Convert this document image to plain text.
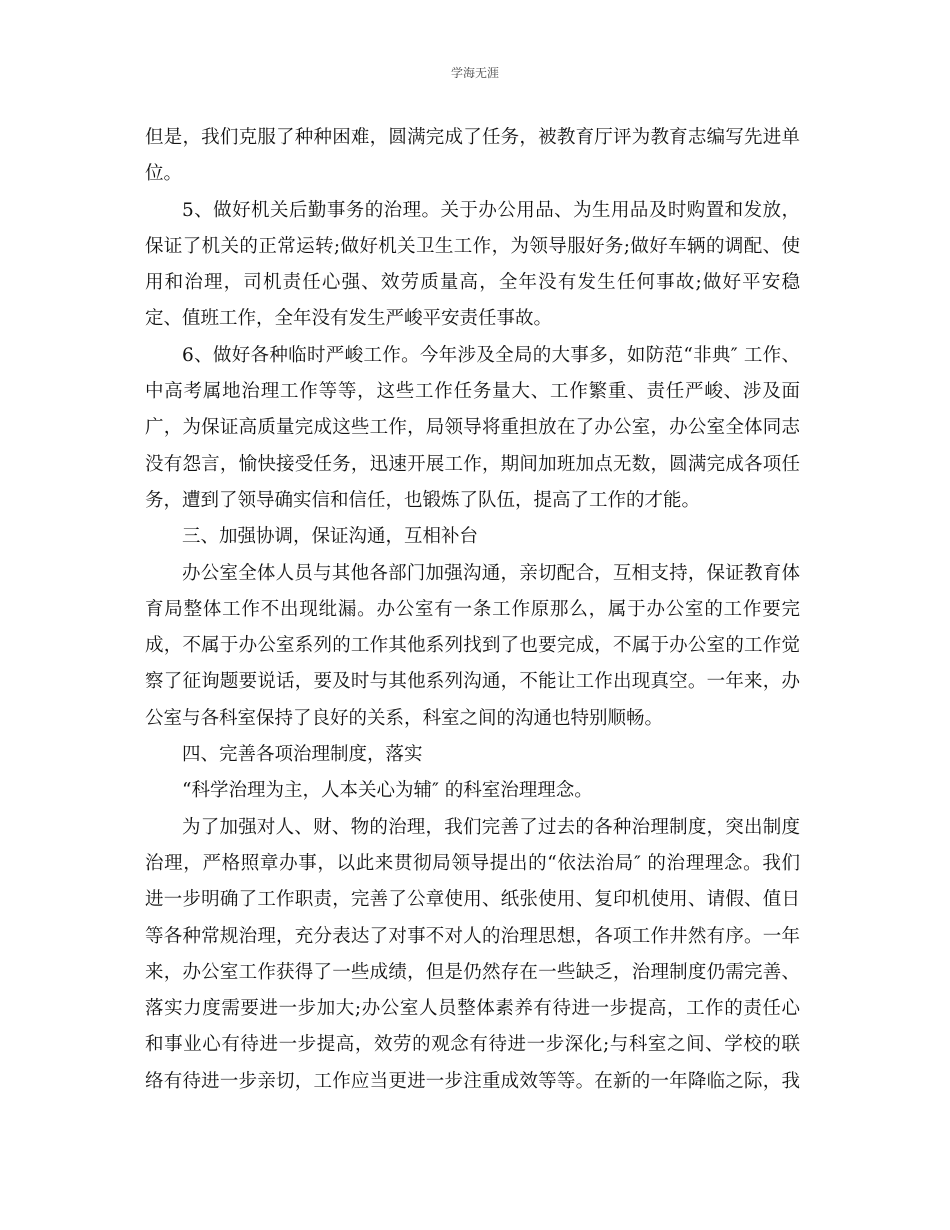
学海无涯
但是，我们克服了种种困难，圆满完成了任务，被教育厅评为教育志编写先进单
位。
5、做好机关后勤事务的治理。关于办公用品、为生用品及时购置和发放，
保证了机关的正常运转;做好机关卫生工作，为领导服好务;做好车辆的调配、使
用和治理，司机责任心强、效劳质量高，全年没有发生任何事故;做好平安稳
定、值班工作，全年没有发生严峻平安责任事故。
6、做好各种临时严峻工作。今年涉及全局的大事多，如防范“非典″ 工作、
中高考属地治理工作等等，这些工作任务量大、工作繁重、责任严峻、涉及面
广，为保证高质量完成这些工作，局领导将重担放在了办公室，办公室全体同志
没有怨言，愉快接受任务，迅速开展工作，期间加班加点无数，圆满完成各项任
务，遭到了领导确实信和信任，也锻炼了队伍，提高了工作的才能。
三、加强协调，保证沟通，互相补台
办公室全体人员与其他各部门加强沟通，亲切配合，互相支持，保证教育体
育局整体工作不出现纰漏。办公室有一条工作原那么，属于办公室的工作要完
成，不属于办公室系列的工作其他系列找到了也要完成，不属于办公室的工作觉
察了征询题要说话，要及时与其他系列沟通，不能让工作出现真空。一年来，办
公室与各科室保持了良好的关系，科室之间的沟通也特别顺畅。
四、完善各项治理制度，落实
“科学治理为主，人本关心为辅″ 的科室治理理念。
为了加强对人、财、物的治理，我们完善了过去的各种治理制度，突出制度
治理，严格照章办事，以此来贯彻局领导提出的“依法治局″ 的治理理念。我们
进一步明确了工作职责，完善了公章使用、纸张使用、复印机使用、请假、值日
等各种常规治理，充分表达了对事不对人的治理思想，各项工作井然有序。一年
来，办公室工作获得了一些成绩，但是仍然存在一些缺乏，治理制度仍需完善、
落实力度需要进一步加大;办公室人员整体素养有待进一步提高，工作的责任心
和事业心有待进一步提高，效劳的观念有待进一步深化;与科室之间、学校的联
络有待进一步亲切，工作应当更进一步注重成效等等。在新的一年降临之际，我
